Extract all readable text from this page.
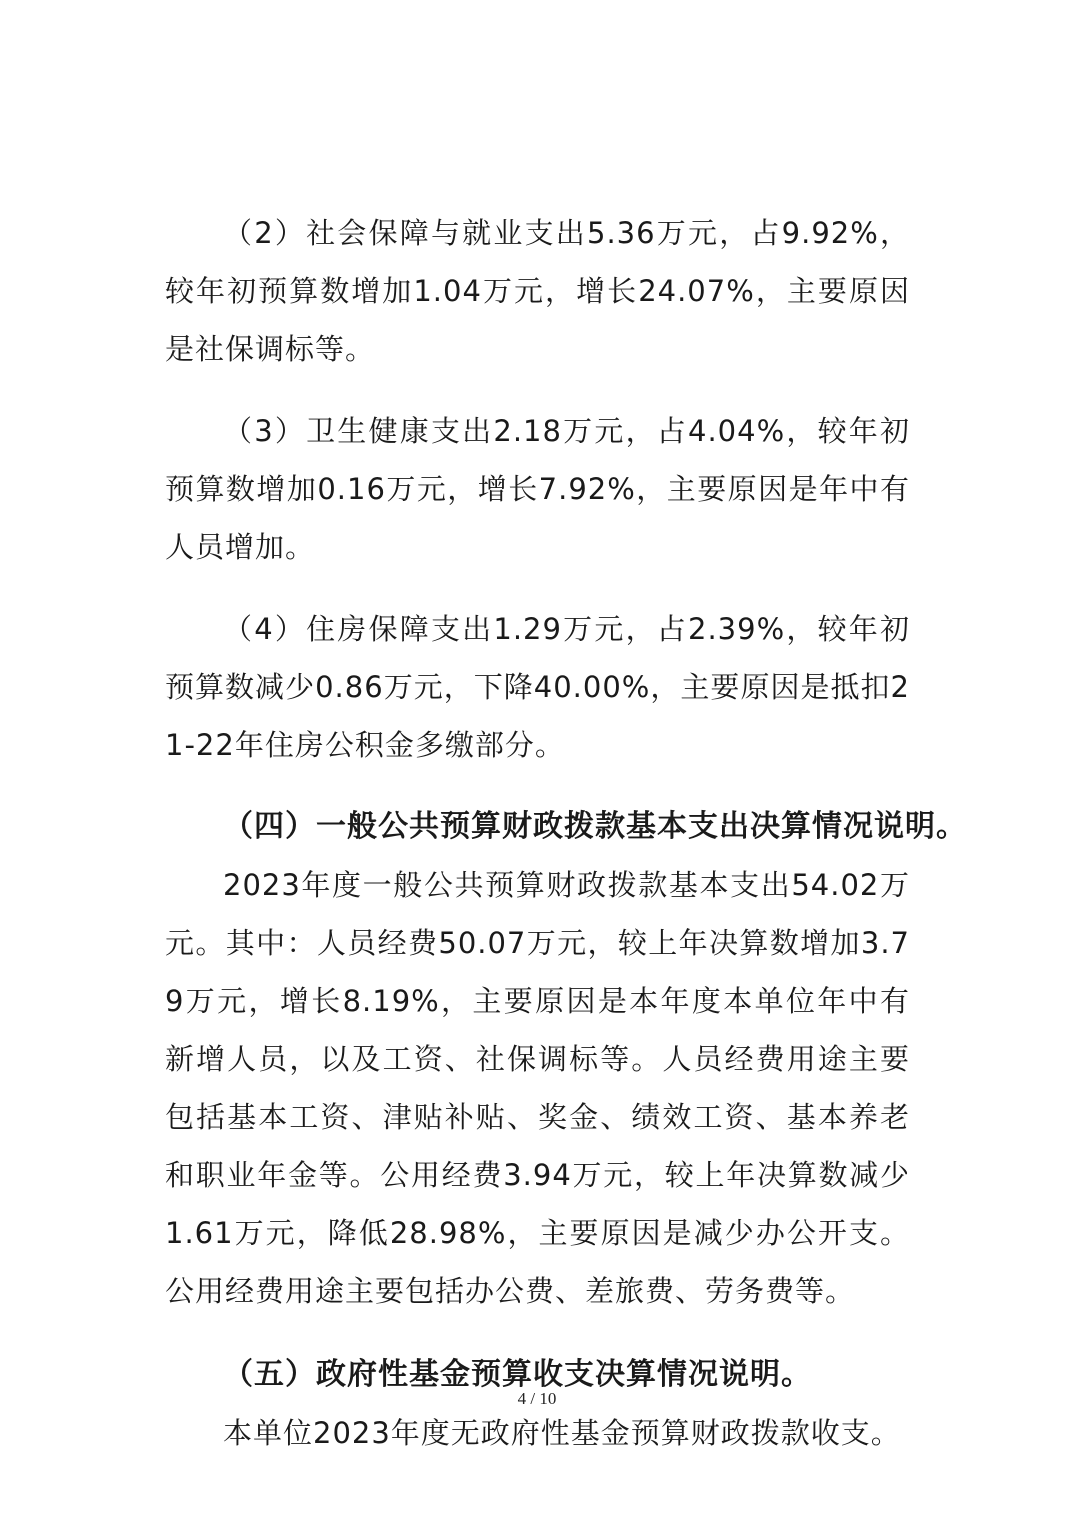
（2）社会保障与就业支出5.36万元，占9.92%，较年初预算数增加1.04万元，增长24.07%，主要原因是社保调标等。

（3）卫生健康支出2.18万元，占4.04%，较年初预算数增加0.16万元，增长7.92%，主要原因是年中有人员增加。

（4）住房保障支出1.29万元，占2.39%，较年初预算数减少0.86万元，下降40.00%，主要原因是抵扣21-22年住房公积金多缴部分。

（四）一般公共预算财政拨款基本支出决算情况说明。

2023年度一般公共预算财政拨款基本支出54.02万元。其中：人员经费50.07万元，较上年决算数增加3.79万元，增长8.19%，主要原因是本年度本单位年中有新增人员，以及工资、社保调标等。人员经费用途主要包括基本工资、津贴补贴、奖金、绩效工资、基本养老和职业年金等。公用经费3.94万元，较上年决算数减少1.61万元，降低28.98%，主要原因是减少办公开支。公用经费用途主要包括办公费、差旅费、劳务费等。

（五）政府性基金预算收支决算情况说明。

本单位2023年度无政府性基金预算财政拨款收支。

4 / 10
